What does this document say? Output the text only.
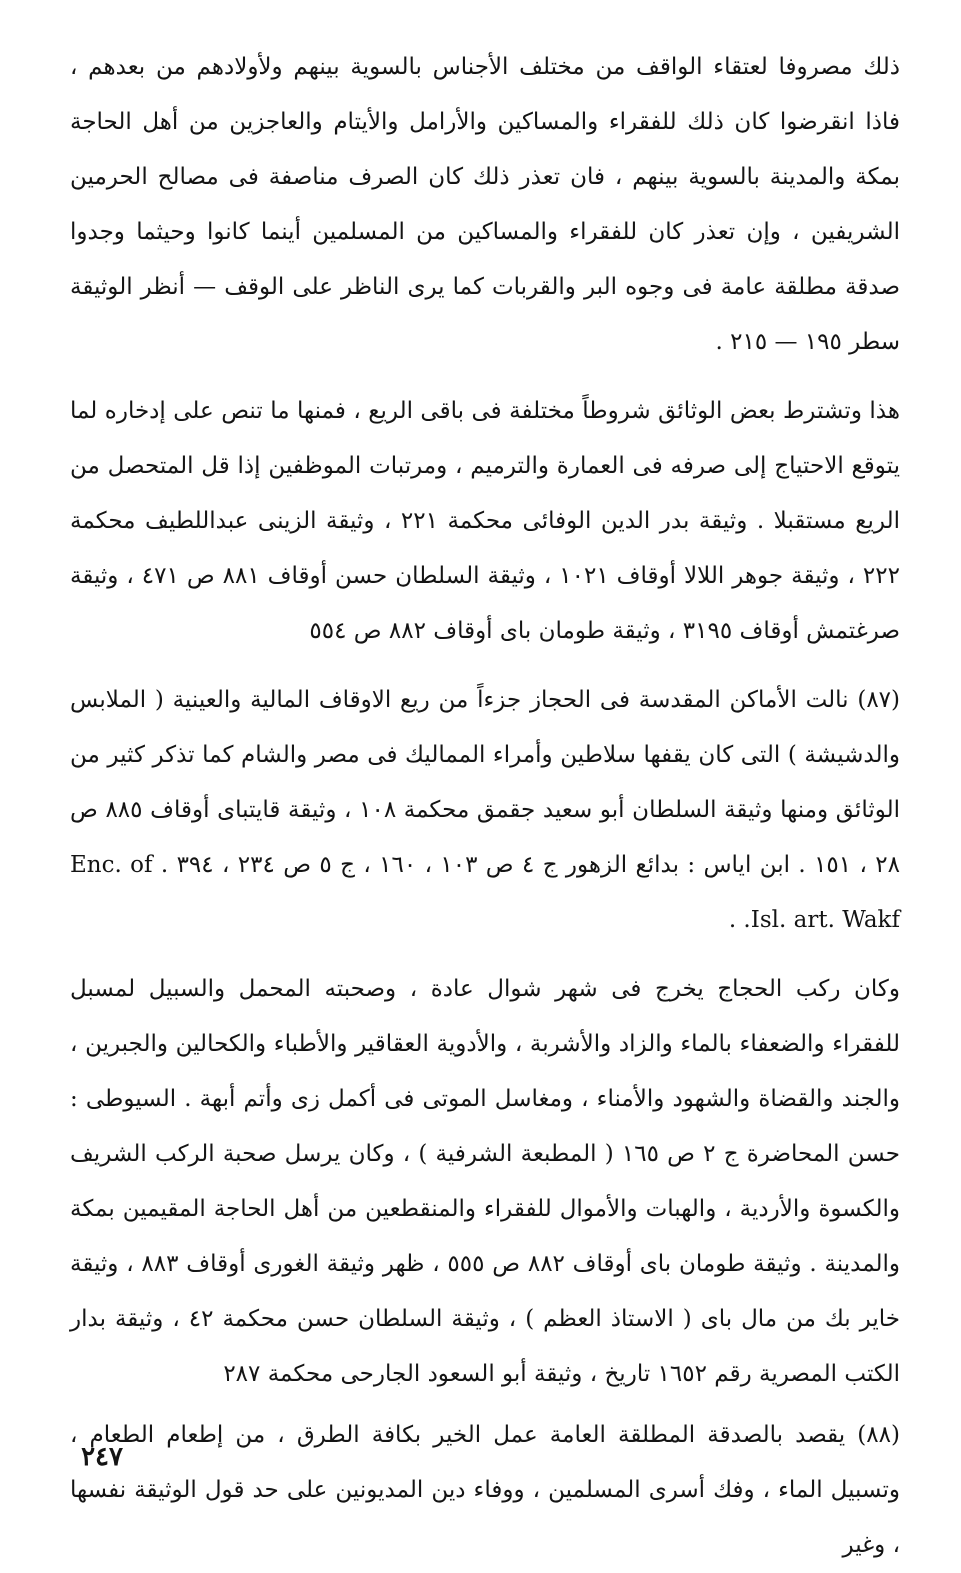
ذلك مصروفا لعتقاء الواقف من مختلف الأجناس بالسوية بينهم ولأولادهم من بعدهم ، فاذا انقرضوا كان ذلك للفقراء والمساكين والأرامل والأيتام والعاجزين من أهل الحاجة بمكة والمدينة بالسوية بينهم ، فان تعذر ذلك كان الصرف مناصفة فى مصالح الحرمين الشريفين ، وإن تعذر كان للفقراء والمساكين من المسلمين أينما كانوا وحيثما وجدوا صدقة مطلقة عامة فى وجوه البر والقربات كما يرى الناظر على الوقف — أنظر الوثيقة سطر ١٩٥ — ٢١٥ .

هذا وتشترط بعض الوثائق شروطاً مختلفة فى باقى الريع ، فمنها ما تنص على إدخاره لما يتوقع الاحتياج إلى صرفه فى العمارة والترميم ، ومرتبات الموظفين إذا قل المتحصل من الريع مستقبلا . وثيقة بدر الدين الوفائى محكمة ٢٢١ ، وثيقة الزينى عبداللطيف محكمة ٢٢٢ ، وثيقة جوهر اللالا أوقاف ١٠٢١ ، وثيقة السلطان حسن أوقاف ٨٨١ ص ٤٧١ ، وثيقة صرغتمش أوقاف ٣١٩٥ ، وثيقة طومان باى أوقاف ٨٨٢ ص ٥٥٤

(٨٧) نالت الأماكن المقدسة فى الحجاز جزءاً من ريع الاوقاف المالية والعينية ( الملابس والدشيشة ) التى كان يقفها سلاطين وأمراء المماليك فى مصر والشام كما تذكر كثير من الوثائق ومنها وثيقة السلطان أبو سعيد جقمق محكمة ١٠٨ ، وثيقة قايتباى أوقاف ٨٨٥ ص ٢٨ ، ١٥١ . ابن اياس : بدائع الزهور ج ٤ ص ١٠٣ ، ١٦٠ ، ج ٥ ص ٢٣٤ ، ٣٩٤ . Enc. of Isl. art. Wakf. .

وكان ركب الحجاج يخرج فى شهر شوال عادة ، وصحبته المحمل والسبيل لمسبل للفقراء والضعفاء بالماء والزاد والأشربة ، والأدوية العقاقير والأطباء والكحالين والجبرين ، والجند والقضاة والشهود والأمناء ، ومغاسل الموتى فى أكمل زى وأتم أبهة . السيوطى : حسن المحاضرة ج ٢ ص ١٦٥ ( المطبعة الشرفية ) ، وكان يرسل صحبة الركب الشريف والكسوة والأردية ، والهبات والأموال للفقراء والمنقطعين من أهل الحاجة المقيمين بمكة والمدينة . وثيقة طومان باى أوقاف ٨٨٢ ص ٥٥٥ ، ظهر وثيقة الغورى أوقاف ٨٨٣ ، وثيقة خاير بك من مال باى ( الاستاذ العظم ) ، وثيقة السلطان حسن محكمة ٤٢ ، وثيقة بدار الكتب المصرية رقم ١٦٥٢ تاريخ ، وثيقة أبو السعود الجارحى محكمة ٢٨٧

(٨٨) يقصد بالصدقة المطلقة العامة عمل الخير بكافة الطرق ، من إطعام الطعام ، وتسبيل الماء ، وفك أسرى المسلمين ، ووفاء دين المديونين على حد قول الوثيقة نفسها ، وغير

٢٤٧
